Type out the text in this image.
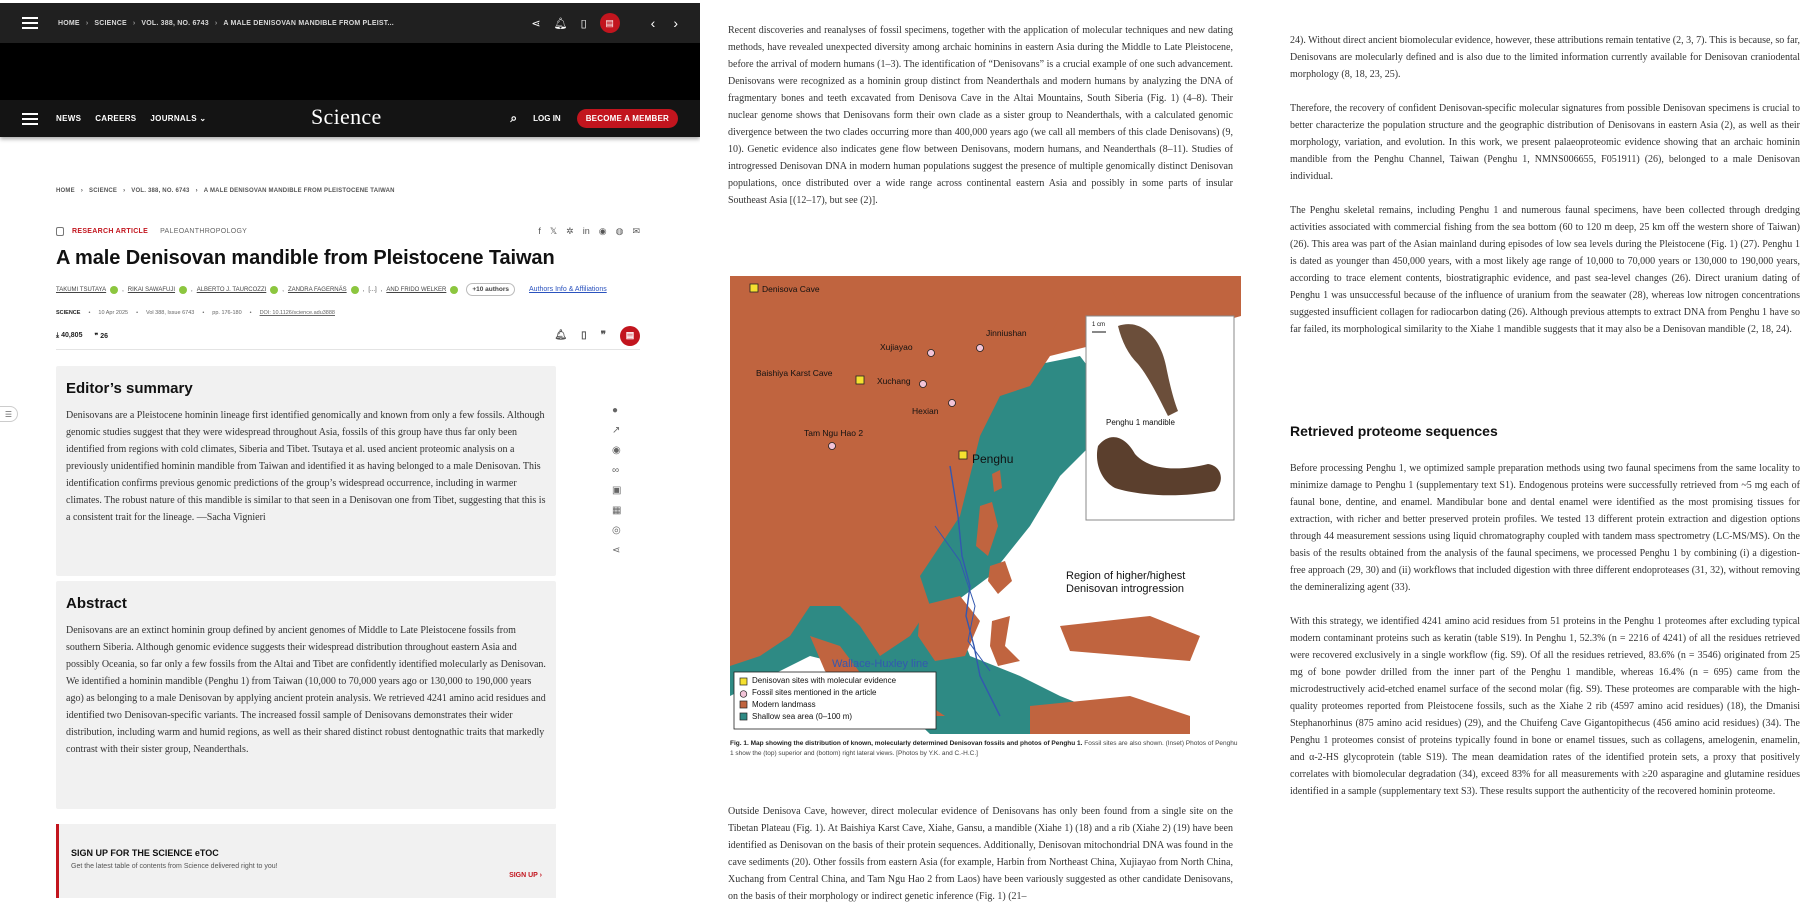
HOME › SCIENCE › VOL. 388, NO. 6743 › A MALE DENISOVAN MANDIBLE FROM PLEIST...	⋖ 🔔︎ ▯	▤	‹ ›
NEWS CAREERS JOURNALS ⌄	⌕ LOG IN	BECOME A MEMBER
Science
HOME › SCIENCE › VOL. 388, NO. 6743 › A MALE DENISOVAN MANDIBLE FROM PLEISTOCENE TAIWAN
RESEARCH ARTICLE PALEOANTHROPOLOGY	f 𝕏 ✲ in ◉ ◍ ✉
A male Denisovan mandible from Pleistocene Taiwan
TAKUMI TSUTAYA	, RIKAI SAWAFUJI	, ALBERTO J. TAURCOZZI	, ZANDRA FAGERNÄS	, [...] , AND FRIDO WELKER	+10 authors	Authors Info & Affiliations
SCIENCE • 10 Apr 2025 • Vol 388, Issue 6743 • pp. 176-180 • DOI: 10.1126/science.adu3888
⤓ 40,805 ❞ 26	🔔︎ ▯ ❞	▤
Editor’s summary

Denisovans are a Pleistocene hominin lineage first identified genomically and known from only a few fossils. Although genomic studies suggest that they were widespread throughout Asia, fossils of this group have thus far only been identified from regions with cold climates, Siberia and Tibet. Tsutaya et al. used ancient proteomic analysis on a previously unidentified hominin mandible from Taiwan and identified it as having belonged to a male Denisovan. This identification confirms previous genomic predictions of the group’s widespread occurrence, including in warmer climates. The robust nature of this mandible is similar to that seen in a Denisovan one from Tibet, suggesting that this is a consistent trait for the lineage. —Sacha Vignieri

●
↗
◉
∞
▣
▦
◎
⋖
☰
Abstract

Denisovans are an extinct hominin group defined by ancient genomes of Middle to Late Pleistocene fossils from southern Siberia. Although genomic evidence suggests their widespread distribution throughout eastern Asia and possibly Oceania, so far only a few fossils from the Altai and Tibet are confidently identified molecularly as Denisovan. We identified a hominin mandible (Penghu 1) from Taiwan (10,000 to 70,000 years ago or 130,000 to 190,000 years ago) as belonging to a male Denisovan by applying ancient protein analysis. We retrieved 4241 amino acid residues and identified two Denisovan-specific variants. The increased fossil sample of Denisovans demonstrates their wider distribution, including warm and humid regions, as well as their shared distinct robust dentognathic traits that markedly contrast with their sister group, Neanderthals.

SIGN UP FOR THE SCIENCE eTOC
Get the latest table of contents from Science delivered right to you!
SIGN UP ›

Recent discoveries and reanalyses of fossil specimens, together with the application of molecular techniques and new dating methods, have revealed unexpected diversity among archaic hominins in eastern Asia during the Middle to Late Pleistocene, before the arrival of modern humans (1–3). The identification of “Denisovans” is a crucial example of one such advancement. Denisovans were recognized as a hominin group distinct from Neanderthals and modern humans by analyzing the DNA of fragmentary bones and teeth excavated from Denisova Cave in the Altai Mountains, South Siberia (Fig. 1) (4–8). Their nuclear genome shows that Denisovans form their own clade as a sister group to Neanderthals, with a calculated genomic divergence between the two clades occurring more than 400,000 years ago (we call all members of this clade Denisovans) (9, 10). Genetic evidence also indicates gene flow between Denisovans, modern humans, and Neanderthals (8–11). Studies of introgressed Denisovan DNA in modern human populations suggest the presence of multiple genomically distinct Denisovan populations, once distributed over a wide range across continental eastern Asia and possibly in some parts of insular Southeast Asia [(12–17), but see (2)].

Denisova Cave
Jinniushan
Xujiayao
Baishiya Karst Cave
Xuchang
Hexian
Tam Ngu Hao 2
Penghu
Region of higher/highest Denisovan introgression
Wallace-Huxley line
Penghu 1 mandible
1 cm
Denisovan sites with molecular evidence
Fossil sites mentioned in the article
Modern landmass
Shallow sea area (0–100 m)
Fig. 1. Map showing the distribution of known, molecularly determined Denisovan fossils and photos of Penghu 1. Fossil sites are also shown. (Inset) Photos of Penghu 1 show the (top) superior and (bottom) right lateral views. [Photos by Y.K. and C.-H.C.]

Outside Denisova Cave, however, direct molecular evidence of Denisovans has only been found from a single site on the Tibetan Plateau (Fig. 1). At Baishiya Karst Cave, Xiahe, Gansu, a mandible (Xiahe 1) (18) and a rib (Xiahe 2) (19) have been identified as Denisovan on the basis of their protein sequences. Additionally, Denisovan mitochondrial DNA was found in the cave sediments (20). Other fossils from eastern Asia (for example, Harbin from Northeast China, Xujiayao from North China, Xuchang from Central China, and Tam Ngu Hao 2 from Laos) have been variously suggested as other candidate Denisovans, on the basis of their morphology or indirect genetic inference (Fig. 1) (21–

24). Without direct ancient biomolecular evidence, however, these attributions remain tentative (2, 3, 7). This is because, so far, Denisovans are molecularly defined and is also due to the limited information currently available for Denisovan craniodental morphology (8, 18, 23, 25).

Therefore, the recovery of confident Denisovan-specific molecular signatures from possible Denisovan specimens is crucial to better characterize the population structure and the geographic distribution of Denisovans in eastern Asia (2), as well as their morphology, variation, and evolution. In this work, we present palaeoproteomic evidence showing that an archaic hominin mandible from the Penghu Channel, Taiwan (Penghu 1, NMNS006655, F051911) (26), belonged to a male Denisovan individual.

The Penghu skeletal remains, including Penghu 1 and numerous faunal specimens, have been collected through dredging activities associated with commercial fishing from the sea bottom (60 to 120 m deep, 25 km off the western shore of Taiwan) (26). This area was part of the Asian mainland during episodes of low sea levels during the Pleistocene (Fig. 1) (27). Penghu 1 is dated as younger than 450,000 years, with a most likely age range of 10,000 to 70,000 years or 130,000 to 190,000 years, according to trace element contents, biostratigraphic evidence, and past sea-level changes (26). Direct uranium dating of Penghu 1 was unsuccessful because of the influence of uranium from the seawater (28), whereas low nitrogen concentrations suggested insufficient collagen for radiocarbon dating (26). Although previous attempts to extract DNA from Penghu 1 have so far failed, its morphological similarity to the Xiahe 1 mandible suggests that it may also be a Denisovan mandible (2, 18, 24).

Retrieved proteome sequences

Before processing Penghu 1, we optimized sample preparation methods using two faunal specimens from the same locality to minimize damage to Penghu 1 (supplementary text S1). Endogenous proteins were successfully retrieved from ~5 mg each of faunal bone, dentine, and enamel. Mandibular bone and dental enamel were identified as the most promising tissues for extraction, with richer and better preserved protein profiles. We tested 13 different protein extraction and digestion options through 44 measurement sessions using liquid chromatography coupled with tandem mass spectrometry (LC-MS/MS). On the basis of the results obtained from the analysis of the faunal specimens, we processed Penghu 1 by combining (i) a digestion-free approach (29, 30) and (ii) workflows that included digestion with three different endoproteases (31, 32), without removing the demineralizing agent (33).

With this strategy, we identified 4241 amino acid residues from 51 proteins in the Penghu 1 proteomes after excluding typical modern contaminant proteins such as keratin (table S19). In Penghu 1, 52.3% (n = 2216 of 4241) of all the residues retrieved were recovered exclusively in a single workflow (fig. S9). Of all the residues retrieved, 83.6% (n = 3546) originated from 25 mg of bone powder drilled from the inner part of the Penghu 1 mandible, whereas 16.4% (n = 695) came from the microdestructively acid-etched enamel surface of the second molar (fig. S9). These proteomes are comparable with the high-quality proteomes reported from Pleistocene fossils, such as the Xiahe 2 rib (4597 amino acid residues) (18), the Dmanisi Stephanorhinus (875 amino acid residues) (29), and the Chuifeng Cave Gigantopithecus (456 amino acid residues) (34). The Penghu 1 proteomes consist of proteins typically found in bone or enamel tissues, such as collagens, amelogenin, enamelin, and α-2-HS glycoprotein (table S19). The mean deamidation rates of the identified protein sets, a proxy that positively correlates with biomolecular degradation (34), exceed 83% for all measurements with ≥20 asparagine and glutamine residues identified in a sample (supplementary text S3). These results support the authenticity of the recovered hominin proteome.
